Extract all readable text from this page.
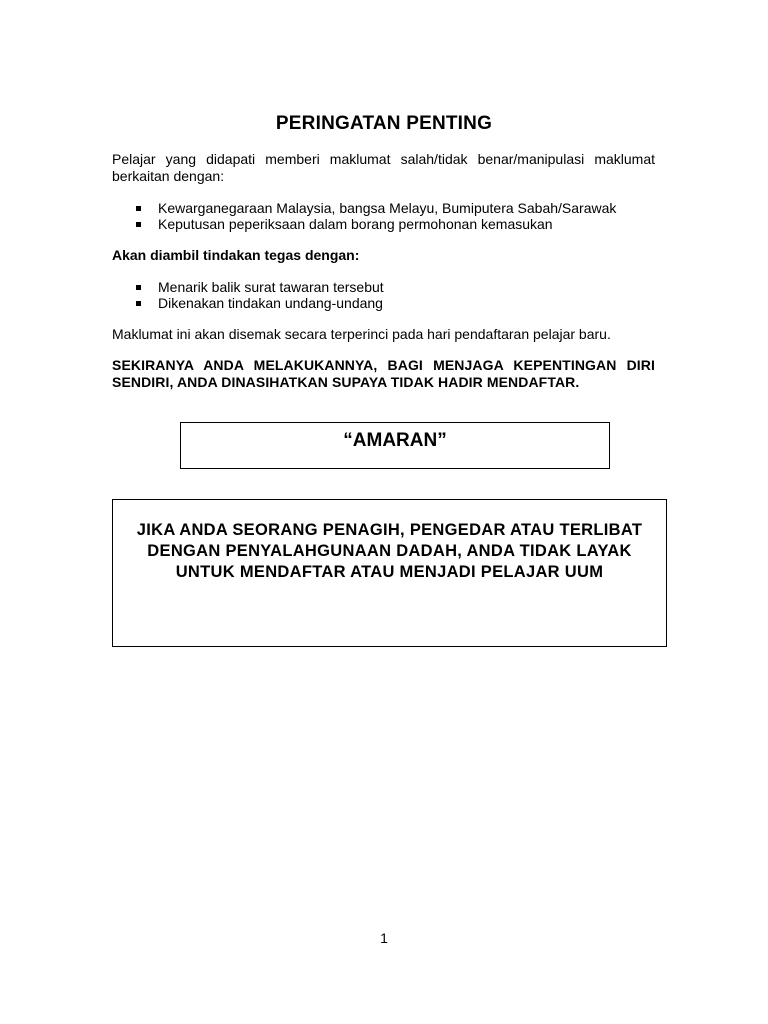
PERINGATAN PENTING
Pelajar yang didapati memberi maklumat salah/tidak benar/manipulasi maklumat
berkaitan dengan:
Kewarganegaraan Malaysia, bangsa Melayu, Bumiputera Sabah/Sarawak
Keputusan peperiksaan dalam borang permohonan kemasukan
Akan diambil tindakan tegas dengan:
Menarik balik surat tawaran tersebut
Dikenakan tindakan undang-undang
Maklumat ini akan disemak secara terperinci pada hari pendaftaran pelajar baru.
SEKIRANYA ANDA MELAKUKANNYA, BAGI MENJAGA KEPENTINGAN DIRI
SENDIRI, ANDA DINASIHATKAN SUPAYA TIDAK HADIR MENDAFTAR.
“AMARAN”
JIKA ANDA SEORANG PENAGIH, PENGEDAR ATAU TERLIBAT
DENGAN PENYALAHGUNAAN DADAH, ANDA TIDAK LAYAK
UNTUK MENDAFTAR ATAU MENJADI PELAJAR UUM
1
